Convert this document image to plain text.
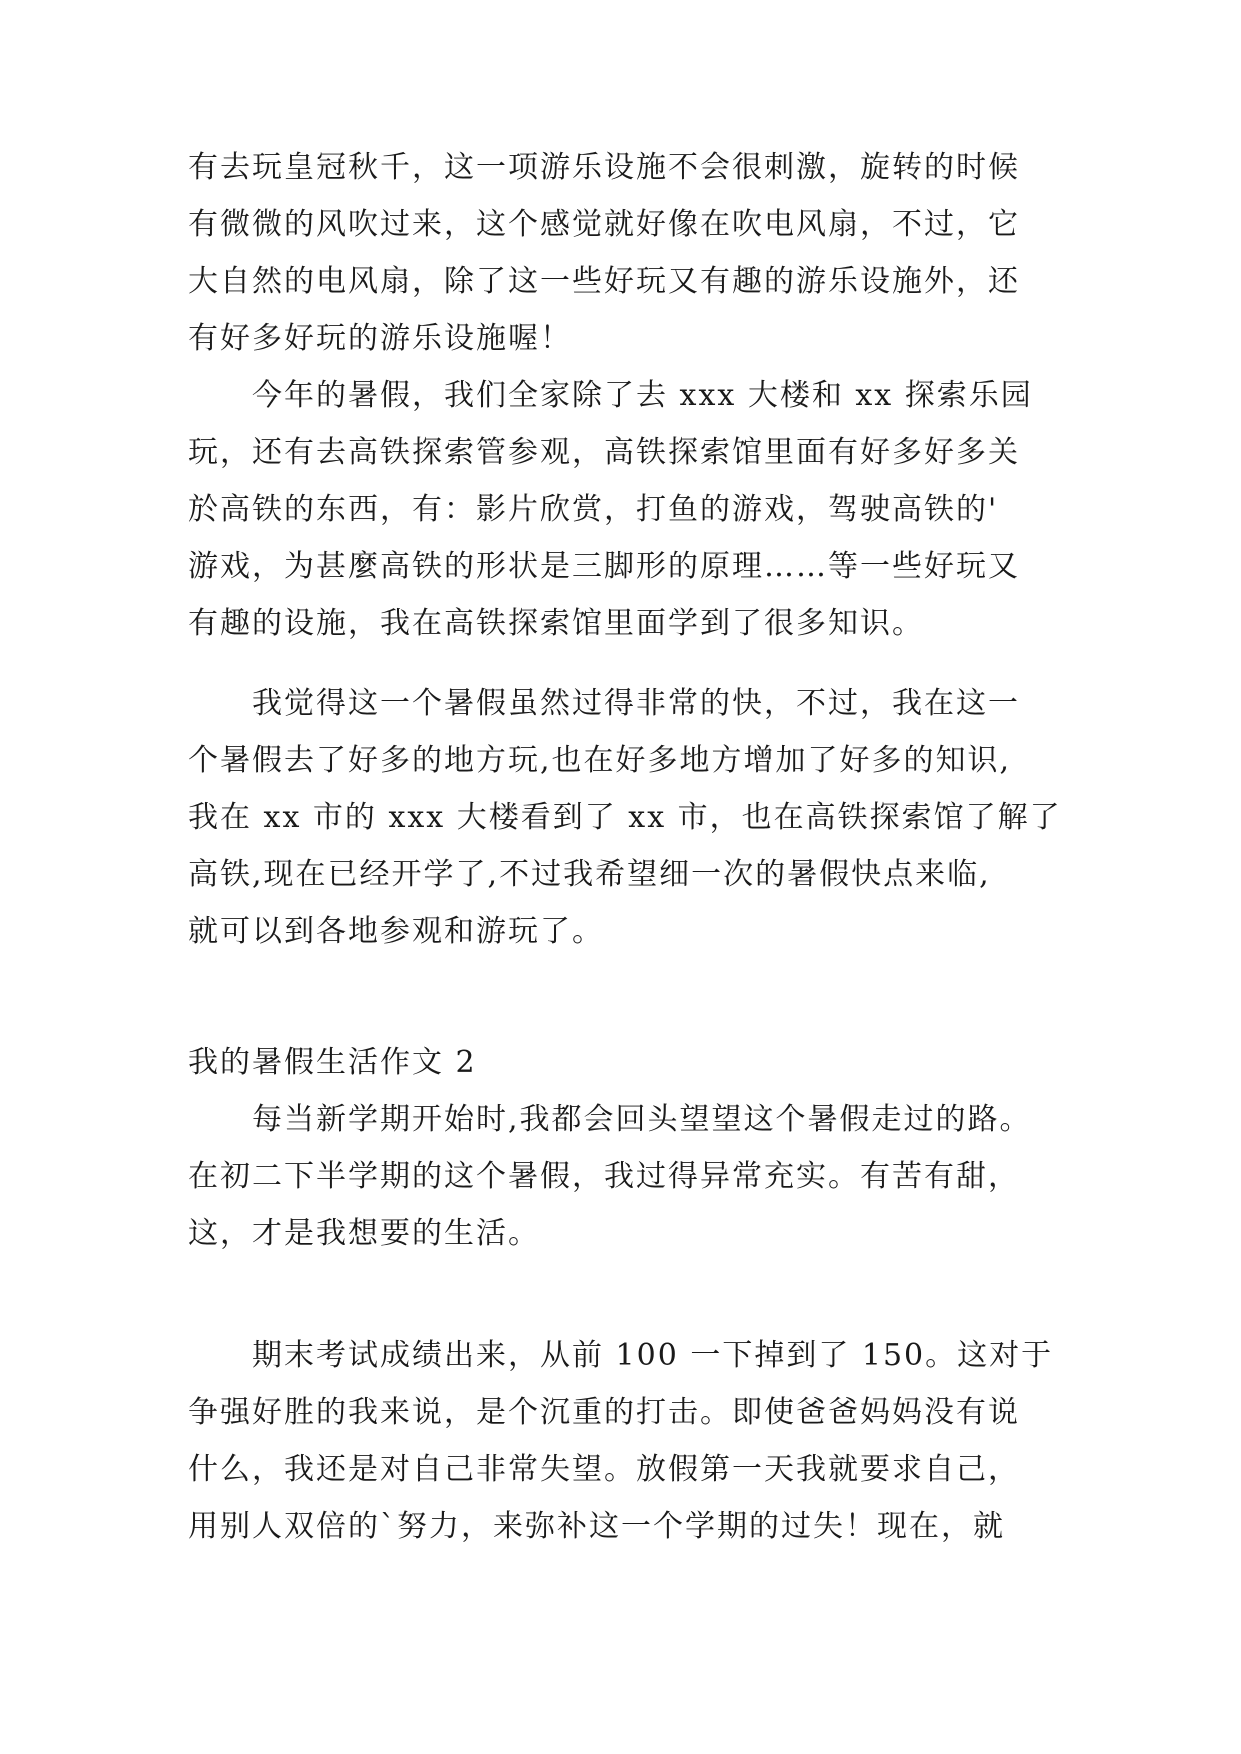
有去玩皇冠秋千，这一项游乐设施不会很刺激，旋转的时候
有微微的风吹过来，这个感觉就好像在吹电风扇，不过，它
大自然的电风扇，除了这一些好玩又有趣的游乐设施外，还
有好多好玩的游乐设施喔！
今年的暑假，我们全家除了去 xxx 大楼和 xx 探索乐园
玩，还有去高铁探索管参观，高铁探索馆里面有好多好多关
於高铁的东西，有：影片欣赏，打鱼的游戏，驾驶高铁的'
游戏，为甚麼高铁的形状是三脚形的原理……等一些好玩又
有趣的设施，我在高铁探索馆里面学到了很多知识。
我觉得这一个暑假虽然过得非常的快，不过，我在这一
个暑假去了好多的地方玩,也在好多地方增加了好多的知识,
我在 xx 市的 xxx 大楼看到了 xx 市，也在高铁探索馆了解了
高铁,现在已经开学了,不过我希望细一次的暑假快点来临,
就可以到各地参观和游玩了。
我的暑假生活作文 2
每当新学期开始时,我都会回头望望这个暑假走过的路。
在初二下半学期的这个暑假，我过得异常充实。有苦有甜，
这，才是我想要的生活。
期末考试成绩出来，从前 100 一下掉到了 150。这对于
争强好胜的我来说，是个沉重的打击。即使爸爸妈妈没有说
什么，我还是对自己非常失望。放假第一天我就要求自己，
用别人双倍的`努力，来弥补这一个学期的过失！现在，就
